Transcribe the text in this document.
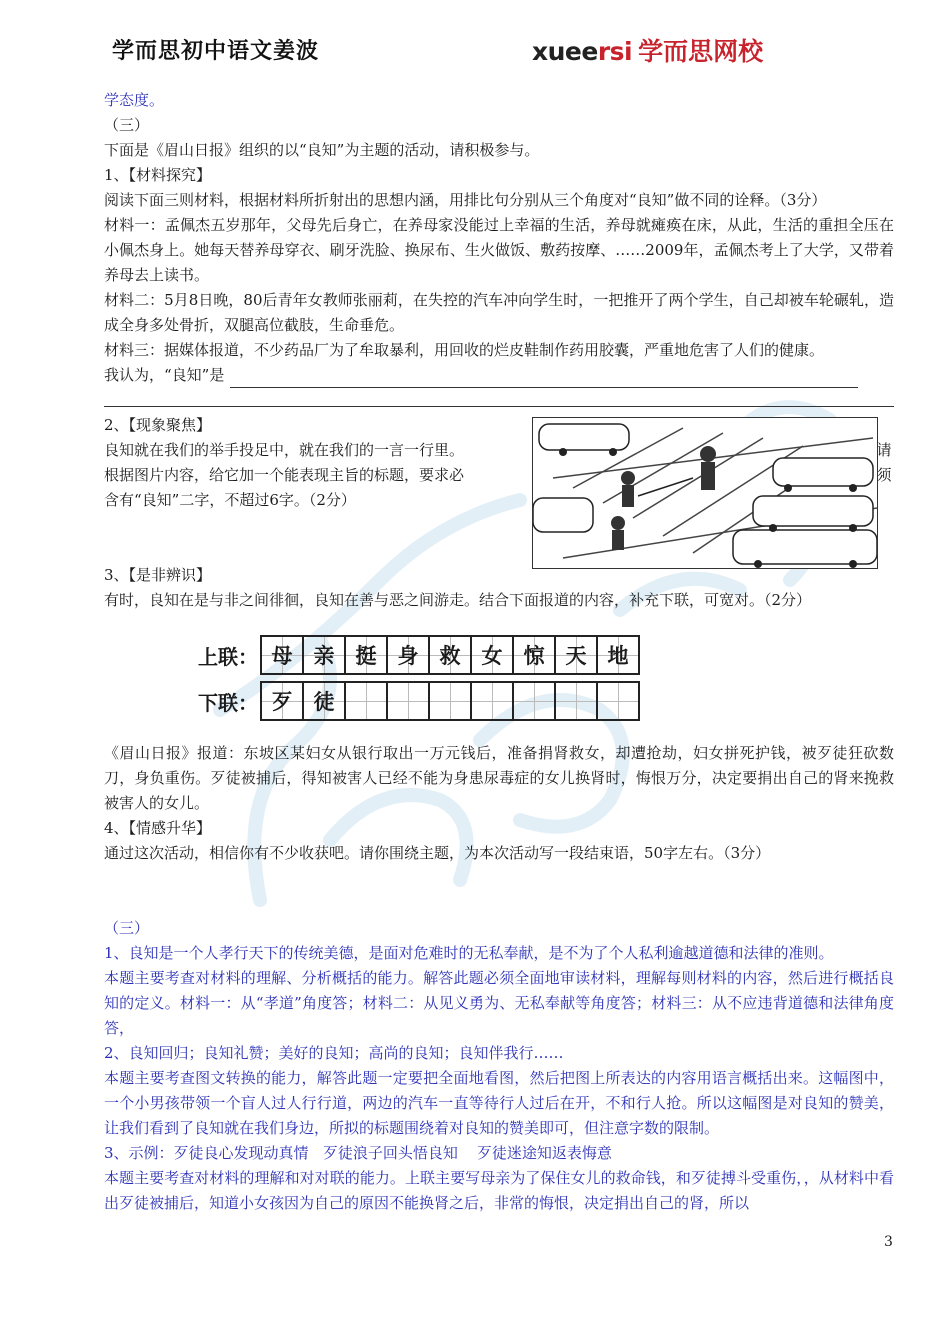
学而思初中语文姜波	xueersi 学而思网校
学态度。
（三）
下面是《眉山日报》组织的以“良知”为主题的活动，请积极参与。
1、【材料探究】
阅读下面三则材料，根据材料所折射出的思想内涵，用排比句分别从三个角度对“良知”做不同的诠释。（3分）
材料一：孟佩杰五岁那年，父母先后身亡，在养母家没能过上幸福的生活，养母就瘫痪在床，从此，生活的重担全压在小佩杰身上。她每天替养母穿衣、刷牙洗脸、换尿布、生火做饭、敷药按摩、……2009年，孟佩杰考上了大学，又带着养母去上读书。
材料二：5月8日晚，80后青年女教师张丽莉，在失控的汽车冲向学生时，一把推开了两个学生，自己却被车轮碾轧，造成全身多处骨折，双腿高位截肢，生命垂危。
材料三：据媒体报道，不少药品厂为了牟取暴利，用回收的烂皮鞋制作药用胶囊，严重地危害了人们的健康。
我认为，“良知”是
2、【现象聚焦】
良知就在我们的举手投足中，就在我们的一言一行里。
根据图片内容，给它加一个能表现主旨的标题，要求必
含有“良知”二字，不超过6字。（2分）
请
须
3、【是非辨识】
有时，良知在是与非之间徘徊，良知在善与恶之间游走。结合下面报道的内容，补充下联，可宽对。（2分）
上联： 母 亲 挺 身 救 女 惊 天 地
下联： 歹 徒
《眉山日报》报道：东坡区某妇女从银行取出一万元钱后，准备捐肾救女，却遭抢劫，妇女拼死护钱，被歹徒狂砍数刀，身负重伤。歹徒被捕后，得知被害人已经不能为身患尿毒症的女儿换肾时，悔恨万分，决定要捐出自己的肾来挽救被害人的女儿。
4、【情感升华】
通过这次活动，相信你有不少收获吧。请你围绕主题，为本次活动写一段结束语，50字左右。（3分）
（三）
1、良知是一个人孝行天下的传统美德，是面对危难时的无私奉献，是不为了个人私利逾越道德和法律的准则。
本题主要考查对材料的理解、分析概括的能力。解答此题必须全面地审读材料，理解每则材料的内容，然后进行概括良知的定义。材料一：从“孝道”角度答；材料二：从见义勇为、无私奉献等角度答；材料三：从不应违背道德和法律角度答，
2、良知回归；良知礼赞；美好的良知；高尚的良知；良知伴我行……
本题主要考查图文转换的能力，解答此题一定要把全面地看图，然后把图上所表达的内容用语言概括出来。这幅图中，一个小男孩带领一个盲人过人行行道，两边的汽车一直等待行人过后在开，不和行人抢。所以这幅图是对良知的赞美，让我们看到了良知就在我们身边，所拟的标题围绕着对良知的赞美即可，但注意字数的限制。
3、示例：歹徒良心发现动真情   歹徒浪子回头悟良知    歹徒迷途知返表悔意
本题主要考查对材料的理解和对对联的能力。上联主要写母亲为了保住女儿的救命钱，和歹徒搏斗受重伤，，从材料中看出歹徒被捕后，知道小女孩因为自己的原因不能换肾之后，非常的悔恨，决定捐出自己的肾，所以
3
